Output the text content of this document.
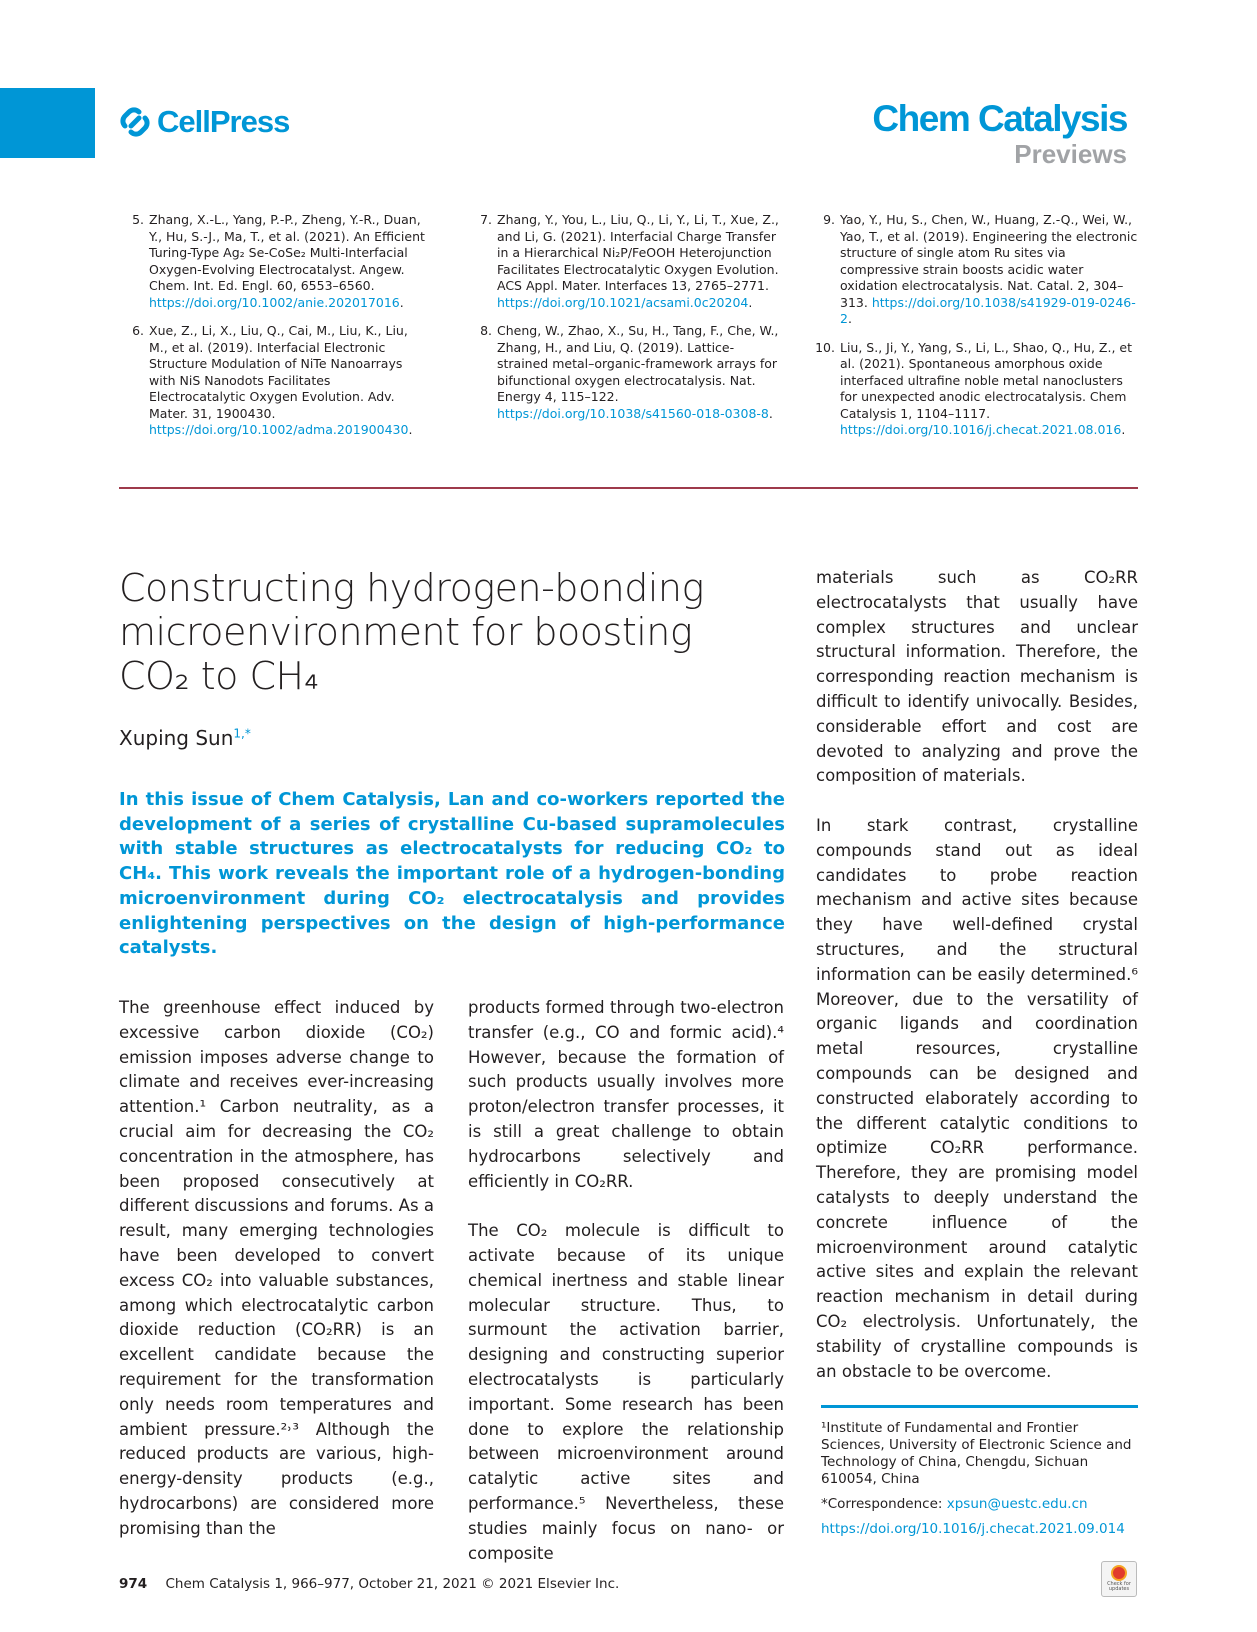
CellPress	Chem Catalysis
Previews
5. Zhang, X.-L., Yang, P.-P., Zheng, Y.-R., Duan, Y., Hu, S.-J., Ma, T., et al. (2021). An Efficient Turing-Type Ag₂ Se-CoSe₂ Multi-Interfacial Oxygen-Evolving Electrocatalyst. Angew. Chem. Int. Ed. Engl. 60, 6553–6560. https://doi.org/10.1002/anie.202017016.
6. Xue, Z., Li, X., Liu, Q., Cai, M., Liu, K., Liu, M., et al. (2019). Interfacial Electronic Structure Modulation of NiTe Nanoarrays with NiS Nanodots Facilitates Electrocatalytic Oxygen Evolution. Adv. Mater. 31, 1900430. https://doi.org/10.1002/adma.201900430.
7. Zhang, Y., You, L., Liu, Q., Li, Y., Li, T., Xue, Z., and Li, G. (2021). Interfacial Charge Transfer in a Hierarchical Ni₂P/FeOOH Heterojunction Facilitates Electrocatalytic Oxygen Evolution. ACS Appl. Mater. Interfaces 13, 2765–2771. https://doi.org/10.1021/acsami.0c20204.
8. Cheng, W., Zhao, X., Su, H., Tang, F., Che, W., Zhang, H., and Liu, Q. (2019). Lattice-strained metal–organic-framework arrays for bifunctional oxygen electrocatalysis. Nat. Energy 4, 115–122. https://doi.org/10.1038/s41560-018-0308-8.
9. Yao, Y., Hu, S., Chen, W., Huang, Z.-Q., Wei, W., Yao, T., et al. (2019). Engineering the electronic structure of single atom Ru sites via compressive strain boosts acidic water oxidation electrocatalysis. Nat. Catal. 2, 304–313. https://doi.org/10.1038/s41929-019-0246-2.
10. Liu, S., Ji, Y., Yang, S., Li, L., Shao, Q., Hu, Z., et al. (2021). Spontaneous amorphous oxide interfaced ultrafine noble metal nanoclusters for unexpected anodic electrocatalysis. Chem Catalysis 1, 1104–1117. https://doi.org/10.1016/j.checat.2021.08.016.
Constructing hydrogen-bonding microenvironment for boosting CO₂ to CH₄
Xuping Sun$^{1,*}$
In this issue of Chem Catalysis, Lan and co-workers reported the development of a series of crystalline Cu-based supramolecules with stable structures as electrocatalysts for reducing CO₂ to CH₄. This work reveals the important role of a hydrogen-bonding microenvironment during CO₂ electrocatalysis and provides enlightening perspectives on the design of high-performance catalysts.

The greenhouse effect induced by excessive carbon dioxide (CO₂) emission imposes adverse change to climate and receives ever-increasing attention.¹ Carbon neutrality, as a crucial aim for decreasing the CO₂ concentration in the atmosphere, has been proposed consecutively at different discussions and forums. As a result, many emerging technologies have been developed to convert excess CO₂ into valuable substances, among which electrocatalytic carbon dioxide reduction (CO₂RR) is an excellent candidate because the requirement for the transformation only needs room temperatures and ambient pressure.²˒³ Although the reduced products are various, high-energy-density products (e.g., hydrocarbons) are considered more promising than the

products formed through two-electron transfer (e.g., CO and formic acid).⁴ However, because the formation of such products usually involves more proton/electron transfer processes, it is still a great challenge to obtain hydrocarbons selectively and efficiently in CO₂RR.

The CO₂ molecule is difficult to activate because of its unique chemical inertness and stable linear molecular structure. Thus, to surmount the activation barrier, designing and constructing superior electrocatalysts is particularly important. Some research has been done to explore the relationship between microenvironment around catalytic active sites and performance.⁵ Nevertheless, these studies mainly focus on nano- or composite

materials such as CO₂RR electrocatalysts that usually have complex structures and unclear structural information. Therefore, the corresponding reaction mechanism is difficult to identify univocally. Besides, considerable effort and cost are devoted to analyzing and prove the composition of materials.

In stark contrast, crystalline compounds stand out as ideal candidates to probe reaction mechanism and active sites because they have well-defined crystal structures, and the structural information can be easily determined.⁶ Moreover, due to the versatility of organic ligands and coordination metal resources, crystalline compounds can be designed and constructed elaborately according to the different catalytic conditions to optimize CO₂RR performance. Therefore, they are promising model catalysts to deeply understand the concrete influence of the microenvironment around catalytic active sites and explain the relevant reaction mechanism in detail during CO₂ electrolysis. Unfortunately, the stability of crystalline compounds is an obstacle to be overcome.

¹Institute of Fundamental and Frontier Sciences, University of Electronic Science and Technology of China, Chengdu, Sichuan 610054, China
*Correspondence: xpsun@uestc.edu.cn
https://doi.org/10.1016/j.checat.2021.09.014
974 Chem Catalysis 1, 966–977, October 21, 2021 © 2021 Elsevier Inc.	Check for updates
